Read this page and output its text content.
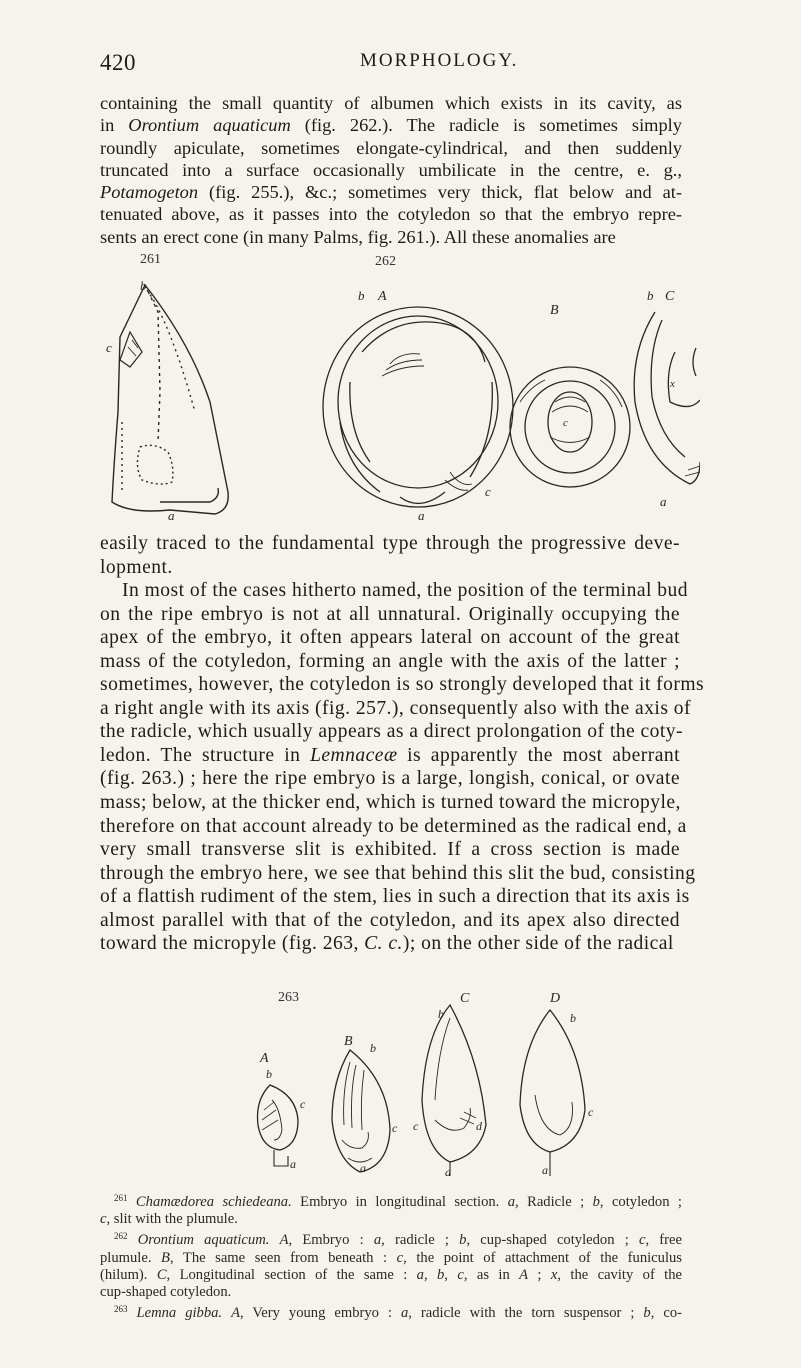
420	MORPHOLOGY.
containing the small quantity of albumen which exists in its cavity, as
in Orontium aquaticum (fig. 262.). The radicle is sometimes simply
roundly apiculate, sometimes elongate-cylindrical, and then suddenly
truncated into a surface occasionally umbilicate in the centre, e. g.,
Potamogeton (fig. 255.), &c.; sometimes very thick, flat below and at-
tenuated above, as it passes into the cotyledon so that the embryo repre-
sents an erect cone (in many Palms, fig. 261.). All these anomalies are
261	262
c
b
a
b A
c
a
c
B
b C
x
a
easily traced to the fundamental type through the progressive deve-
lopment.
In most of the cases hitherto named, the position of the terminal bud
on the ripe embryo is not at all unnatural. Originally occupying the
apex of the embryo, it often appears lateral on account of the great
mass of the cotyledon, forming an angle with the axis of the latter ;
sometimes, however, the cotyledon is so strongly developed that it forms
a right angle with its axis (fig. 257.), consequently also with the axis of
the radicle, which usually appears as a direct prolongation of the coty-
ledon. The structure in Lemnaceæ is apparently the most aberrant
(fig. 263.) ; here the ripe embryo is a large, longish, conical, or ovate
mass; below, at the thicker end, which is turned toward the micropyle,
therefore on that account already to be determined as the radical end, a
very small transverse slit is exhibited. If a cross section is made
through the embryo here, we see that behind this slit the bud, consisting
of a flattish rudiment of the stem, lies in such a direction that its axis is
almost parallel with that of the cotyledon, and its apex also directed
toward the micropyle (fig. 263, C. c.); on the other side of the radical
263
A
b
c
a
B b
c
a
C
b
c	d
a
D
b
c
a
$^{261}$ Chamædorea schiedeana. Embryo in longitudinal section. a, Radicle ; b, cotyledon ;
c, slit with the plumule.
$^{262}$ Orontium aquaticum. A, Embryo : a, radicle ; b, cup-shaped cotyledon ; c, free
plumule. B, The same seen from beneath : c, the point of attachment of the funiculus
(hilum). C, Longitudinal section of the same : a, b, c, as in A ; x, the cavity of the
cup-shaped cotyledon.
$^{263}$ Lemna gibba. A, Very young embryo : a, radicle with the torn suspensor ; b, co-
